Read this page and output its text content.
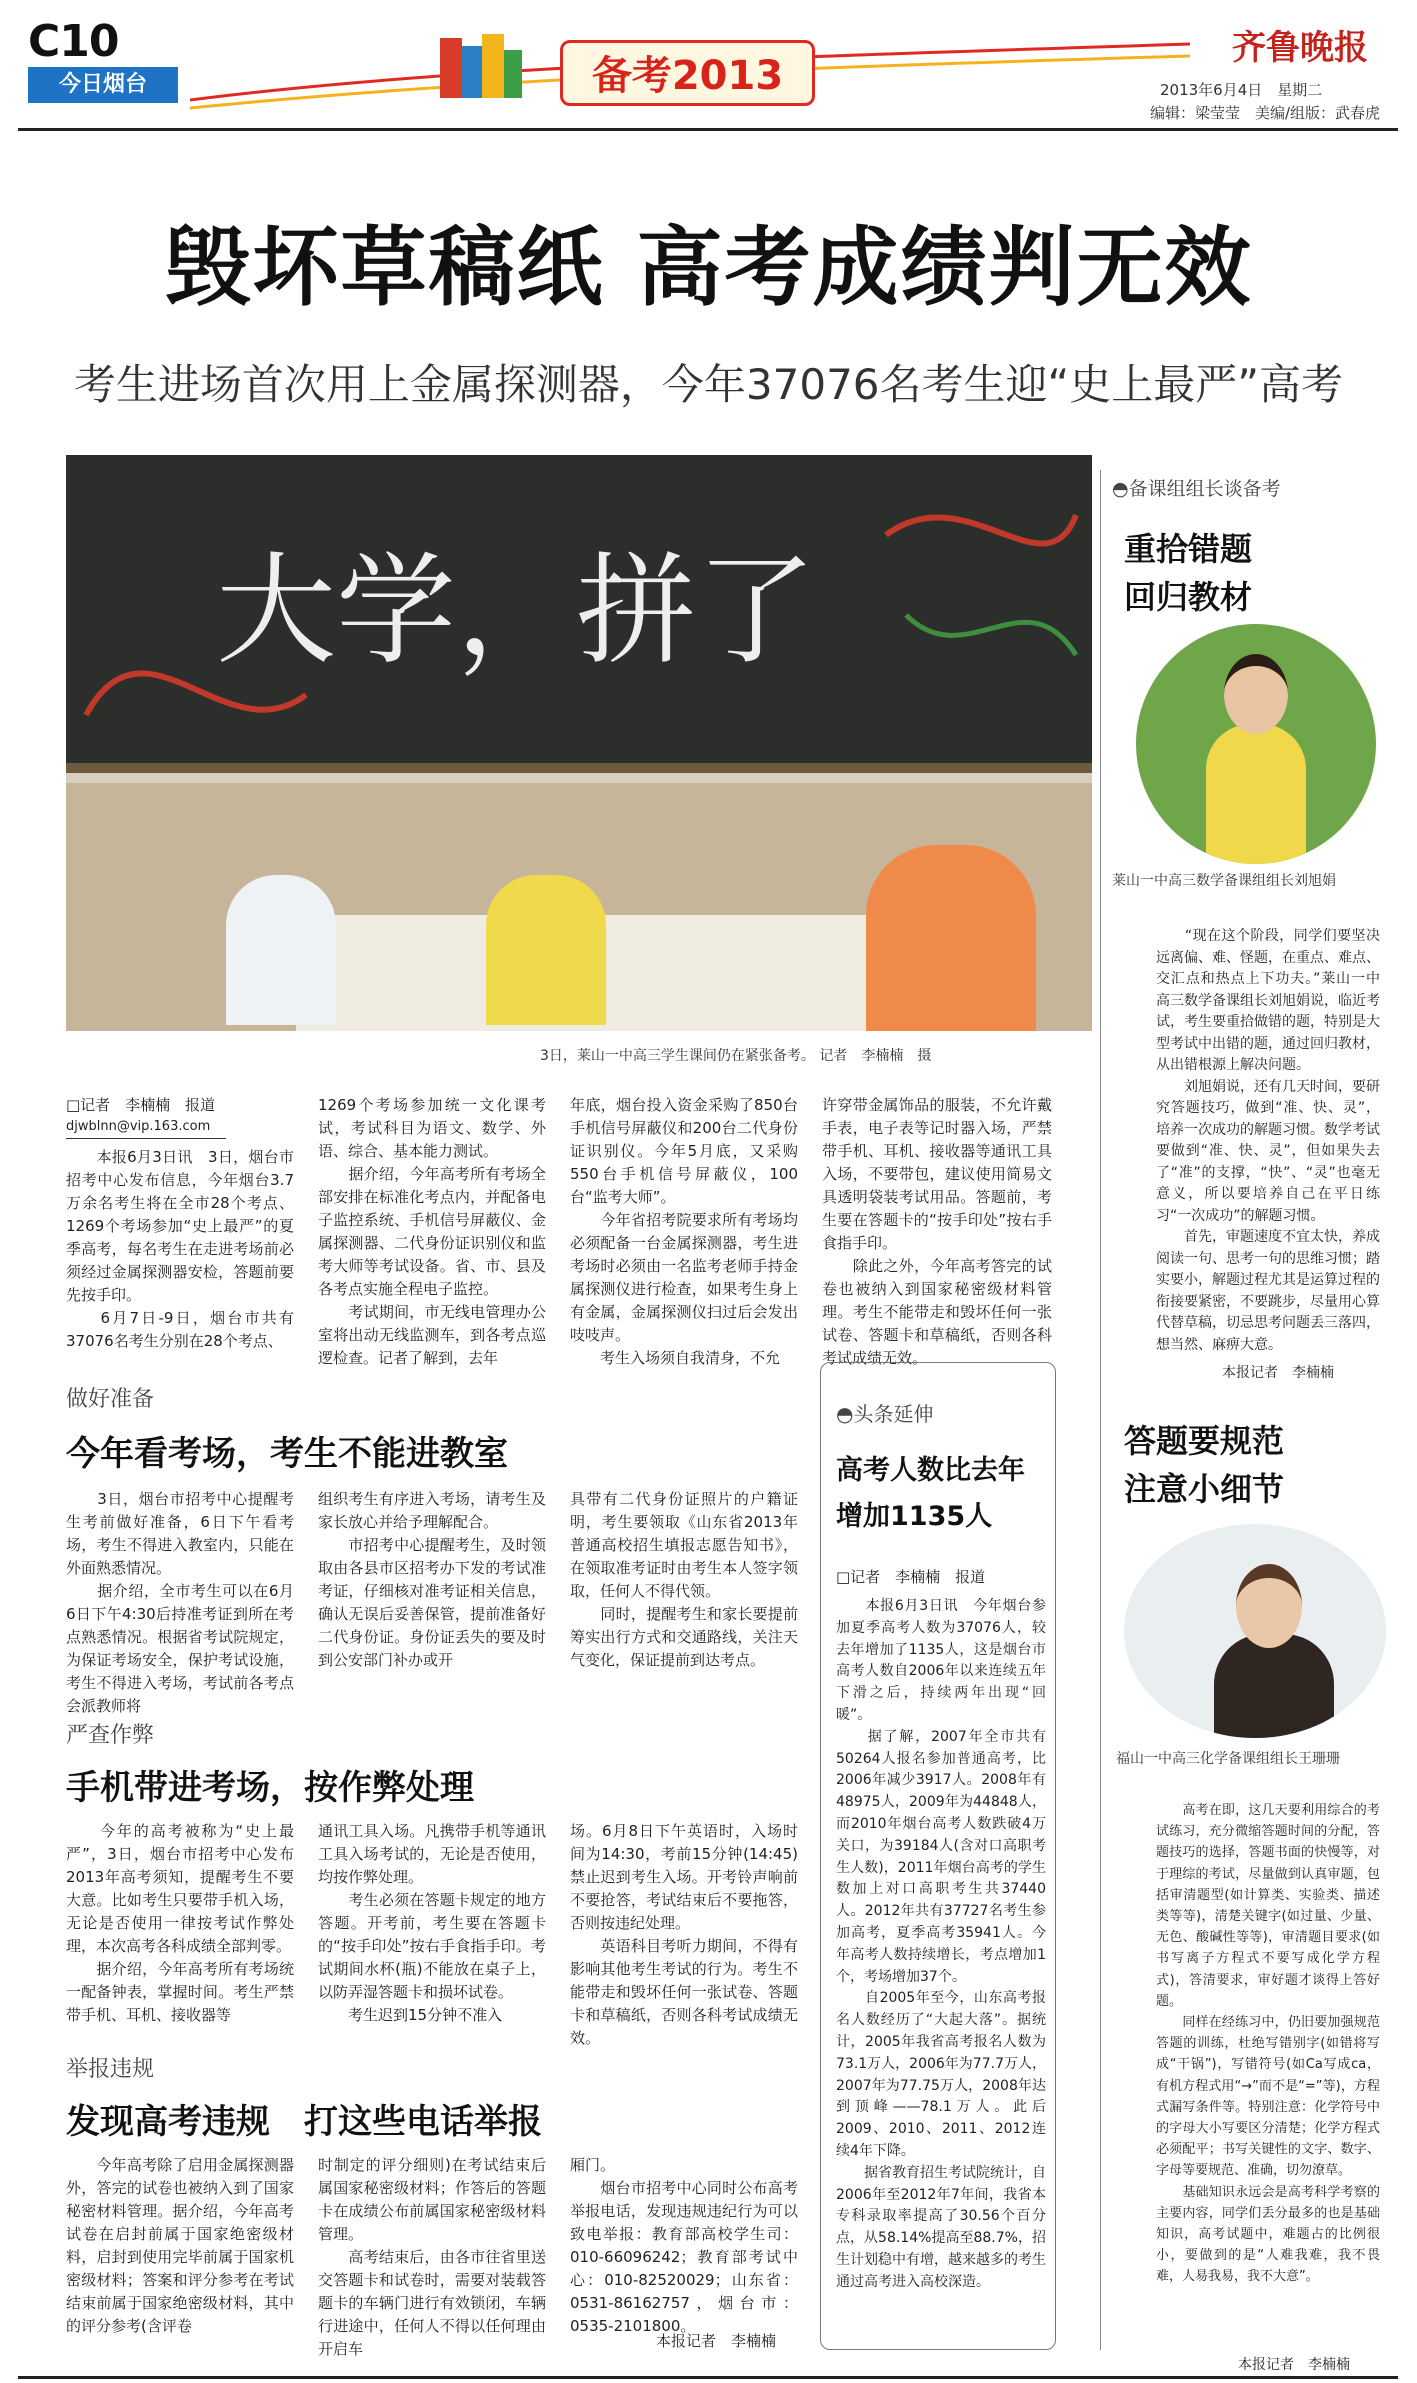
C10
今日烟台	备考2013
齐鲁晚报
2013年6月4日　星期二
编辑：梁莹莹　美编/组版：武春虎
毁坏草稿纸 高考成绩判无效
考生进场首次用上金属探测器，今年37076名考生迎“史上最严”高考
大学，拼了
3日，莱山一中高三学生课间仍在紧张备考。 记者　李楠楠　摄
□记者　李楠楠　报道
djwblnn@vip.163.com
　　本报6月3日讯　3日，烟台市招考中心发布信息，今年烟台3.7万余名考生将在全市28个考点、1269个考场参加“史上最严”的夏季高考，每名考生在走进考场前必须经过金属探测器安检，答题前要先按手印。
　　6月7日-9日，烟台市共有37076名考生分别在28个考点、
1269个考场参加统一文化课考试，考试科目为语文、数学、外语、综合、基本能力测试。
　　据介绍，今年高考所有考场全部安排在标准化考点内，并配备电子监控系统、手机信号屏蔽仪、金属探测器、二代身份证识别仪和监考大师等考试设备。省、市、县及各考点实施全程电子监控。
　　考试期间，市无线电管理办公室将出动无线监测车，到各考点巡逻检查。记者了解到，去年
年底，烟台投入资金采购了850台手机信号屏蔽仪和200台二代身份证识别仪。今年5月底，又采购550台手机信号屏蔽仪，100台“监考大师”。
　　今年省招考院要求所有考场均必须配备一台金属探测器，考生进考场时必须由一名监考老师手持金属探测仪进行检查，如果考生身上有金属，金属探测仪扫过后会发出吱吱声。
　　考生入场须自我清身，不允
许穿带金属饰品的服装，不允许戴手表，电子表等记时器入场，严禁带手机、耳机、接收器等通讯工具入场，不要带包，建议使用简易文具透明袋装考试用品。答题前，考生要在答题卡的“按手印处”按右手食指手印。
　　除此之外，今年高考答完的试卷也被纳入到国家秘密级材料管理。考生不能带走和毁坏任何一张试卷、答题卡和草稿纸，否则各科考试成绩无效。
做好准备
今年看考场，考生不能进教室
　　3日，烟台市招考中心提醒考生考前做好准备，6日下午看考场，考生不得进入教室内，只能在外面熟悉情况。
　　据介绍，全市考生可以在6月6日下午4:30后持准考证到所在考点熟悉情况。根据省考试院规定，为保证考场安全，保护考试设施，考生不得进入考场，考试前各考点会派教师将
组织考生有序进入考场，请考生及家长放心并给予理解配合。
　　市招考中心提醒考生，及时领取由各县市区招考办下发的考试准考证，仔细核对准考证相关信息，确认无误后妥善保管，提前准备好二代身份证。身份证丢失的要及时到公安部门补办或开
具带有二代身份证照片的户籍证明，考生要领取《山东省2013年普通高校招生填报志愿告知书》，在领取准考证时由考生本人签字领取，任何人不得代领。
　　同时，提醒考生和家长要提前筹实出行方式和交通路线，关注天气变化，保证提前到达考点。
严查作弊
手机带进考场，按作弊处理
　　今年的高考被称为“史上最严”，3日，烟台市招考中心发布2013年高考须知，提醒考生不要大意。比如考生只要带手机入场，无论是否使用一律按考试作弊处理，本次高考各科成绩全部判零。
　　据介绍，今年高考所有考场统一配备钟表，掌握时间。考生严禁带手机、耳机、接收器等
通讯工具入场。凡携带手机等通讯工具入场考试的，无论是否使用，均按作弊处理。
　　考生必须在答题卡规定的地方答题。开考前，考生要在答题卡的“按手印处”按右手食指手印。考试期间水杯(瓶)不能放在桌子上，以防弄湿答题卡和损坏试卷。
　　考生迟到15分钟不准入
场。6月8日下午英语时，入场时间为14:30，考前15分钟(14:45)禁止迟到考生入场。开考铃声响前不要抢答，考试结束后不要拖答，否则按违纪处理。
　　英语科目考听力期间，不得有影响其他考生考试的行为。考生不能带走和毁坏任何一张试卷、答题卡和草稿纸，否则各科考试成绩无效。
举报违规
发现高考违规　打这些电话举报
　　今年高考除了启用金属探测器外，答完的试卷也被纳入到了国家秘密材料管理。据介绍，今年高考试卷在启封前属于国家绝密级材料，启封到使用完毕前属于国家机密级材料；答案和评分参考在考试结束前属于国家绝密级材料，其中的评分参考(含评卷
时制定的评分细则)在考试结束后属国家秘密级材料；作答后的答题卡在成绩公布前属国家秘密级材料管理。
　　高考结束后，由各市往省里送交答题卡和试卷时，需要对装载答题卡的车辆门进行有效锁闭，车辆行进途中，任何人不得以任何理由开启车
厢门。
　　烟台市招考中心同时公布高考举报电话，发现违规违纪行为可以致电举报：教育部高校学生司：010-66096242；教育部考试中心：010-82520029；山东省：0531-86162757，烟台市：0535-2101800。
本报记者　李楠楠
◓头条延伸
高考人数比去年
增加1135人
□记者　李楠楠　报道
　　本报6月3日讯　今年烟台参加夏季高考人数为37076人，较去年增加了1135人，这是烟台市高考人数自2006年以来连续五年下滑之后，持续两年出现“回暖”。
　　据了解，2007年全市共有50264人报名参加普通高考，比2006年减少3917人。2008年有48975人，2009年为44848人，而2010年烟台高考人数跌破4万关口，为39184人(含对口高职考生人数)，2011年烟台高考的学生数加上对口高职考生共37440人。2012年共有37727名考生参加高考，夏季高考35941人。今年高考人数持续增长，考点增加1个，考场增加37个。
　　自2005年至今，山东高考报名人数经历了“大起大落”。据统计，2005年我省高考报名人数为73.1万人，2006年为77.7万人，2007年为77.75万人，2008年达到顶峰——78.1万人。此后2009、2010、2011、2012连续4年下降。
　　据省教育招生考试院统计，自2006年至2012年7年间，我省本专科录取率提高了30.56个百分点，从58.14%提高至88.7%，招生计划稳中有增，越来越多的考生通过高考进入高校深造。
◓备课组组长谈备考
重拾错题
回归教材
莱山一中高三数学备课组组长刘旭娟
　　“现在这个阶段，同学们要坚决远离偏、难、怪题，在重点、难点、交汇点和热点上下功夫。”莱山一中高三数学备课组长刘旭娟说，临近考试，考生要重拾做错的题，特别是大型考试中出错的题，通过回归教材，从出错根源上解决问题。
　　刘旭娟说，还有几天时间，要研究答题技巧，做到“准、快、灵”，培养一次成功的解题习惯。数学考试要做到“准、快、灵”，但如果失去了“准”的支撑，“快”、“灵”也毫无意义，所以要培养自己在平日练习“一次成功”的解题习惯。
　　首先，审题速度不宜太快，养成阅读一句、思考一句的思维习惯；踏实要小，解题过程尤其是运算过程的衔接要紧密，不要跳步，尽量用心算代替草稿，切忌思考问题丢三落四，想当然、麻痹大意。
本报记者　李楠楠
答题要规范
注意小细节
福山一中高三化学备课组组长王珊珊
　　高考在即，这几天要利用综合的考试练习，充分微缩答题时间的分配，答题技巧的选择，答题书面的快慢等，对于理综的考试，尽量做到认真审题，包括审清题型(如计算类、实验类、描述类等等)，清楚关键字(如过量、少量、无色、酸碱性等等)，审清题目要求(如书写离子方程式不要写成化学方程式)，答清要求，审好题才谈得上答好题。
　　同样在经练习中，仍旧要加强规范答题的训练，杜绝写错别字(如错将写成“干锅”)，写错符号(如Ca写成ca，有机方程式用“→”而不是“=”等)，方程式漏写条件等。特别注意：化学符号中的字母大小写要区分清楚；化学方程式必须配平；书写关键性的文字、数字、字母等要规范、准确，切勿潦草。
　　基础知识永远会是高考科学考察的主要内容，同学们丢分最多的也是基础知识，高考试题中，难题占的比例很小，要做到的是“人难我难，我不畏难，人易我易，我不大意”。
本报记者　李楠楠
